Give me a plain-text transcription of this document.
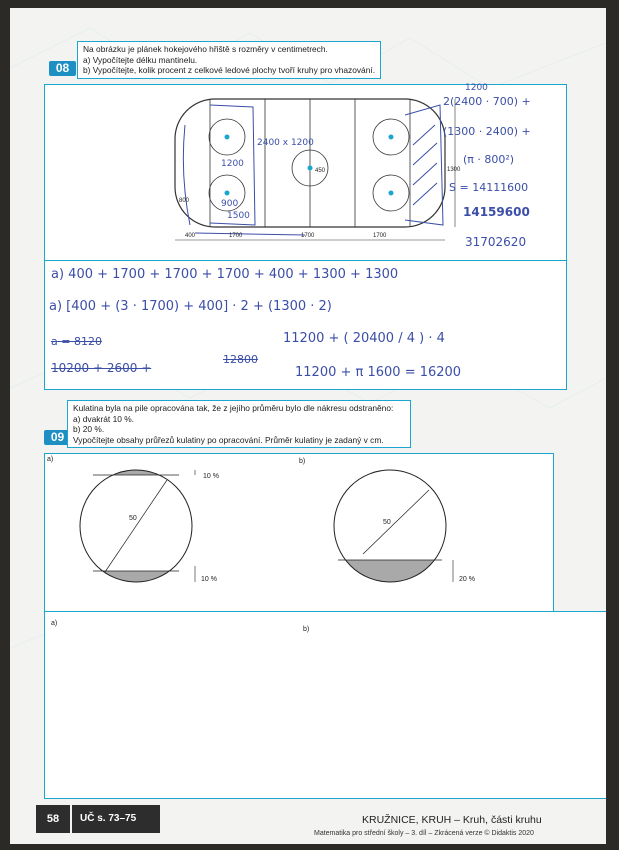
08
Na obrázku je plánek hokejového hřiště s rozměry v centimetrech.
a) Vypočítejte délku mantinelu.
b) Vypočítejte, kolik procent z celkové ledové plochy tvoří kruhy pro vhazování.
450	1300
800
400	1700	1700	1700
1200
900
1500
2400 x 1200
1200
2(2400 · 700) +
(1300 · 2400) +
(π · 800²)
S = 14111600
14159600
31702620
a) 400 + 1700 + 1700 + 1700 + 400 + 1300 + 1300
a) [400 + (3 · 1700) + 400] · 2 + (1300 · 2)
a = 8120
10200 + 2600 +
12800
11200 + ( 20400 / 4 ) · 4
11200 + π 1600 = 16200
09
Kulatina byla na pile opracována tak, že z jejího průměru bylo dle nákresu odstraněno:
a) dvakrát 10 %.
b) 20 %.
Vypočítejte obsahy průřezů kulatiny po opracování. Průměr kulatiny je zadaný v cm.
a)	b)
50
50
10 %
10 %	20 %
a)
b)
58	UČ s. 73–75	KRUŽNICE, KRUH – Kruh, části kruhu
Matematika pro střední školy – 3. díl – Zkrácená verze © Didaktis 2020
